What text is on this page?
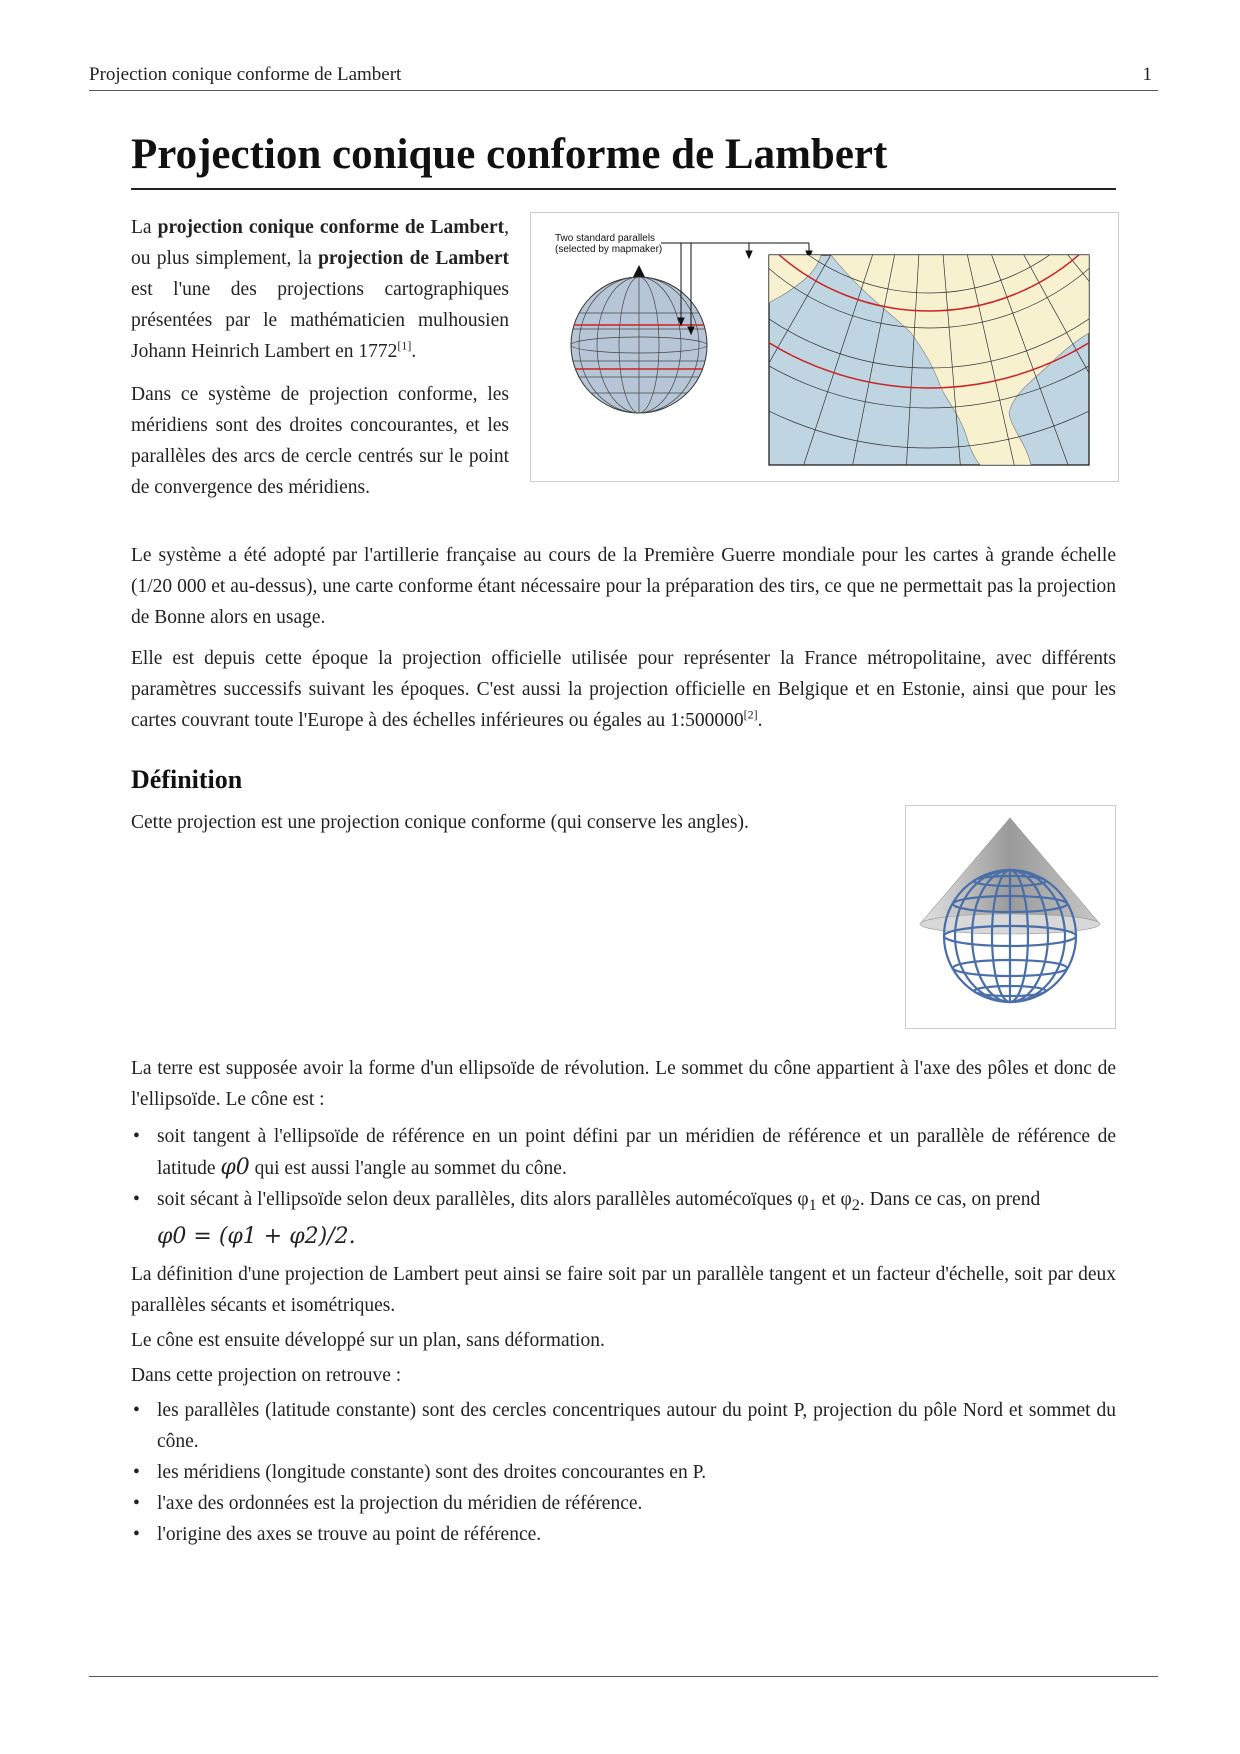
Projection conique conforme de Lambert	1
Projection conique conforme de Lambert

La projection conique conforme de Lambert, ou plus simplement, la projection de Lambert est l'une des projections cartographiques présentées par le mathématicien mulhousien Johann Heinrich Lambert en 1772[1].

Dans ce système de projection conforme, les méridiens sont des droites concourantes, et les parallèles des arcs de cercle centrés sur le point de convergence des méridiens.

Two standard parallels
(selected by mapmaker)

Le système a été adopté par l'artillerie française au cours de la Première Guerre mondiale pour les cartes à grande échelle (1/20 000 et au-dessus), une carte conforme étant nécessaire pour la préparation des tirs, ce que ne permettait pas la projection de Bonne alors en usage.

Elle est depuis cette époque la projection officielle utilisée pour représenter la France métropolitaine, avec différents paramètres successifs suivant les époques. C'est aussi la projection officielle en Belgique et en Estonie, ainsi que pour les cartes couvrant toute l'Europe à des échelles inférieures ou égales au 1:500000[2].

Définition

Cette projection est une projection conique conforme (qui conserve les angles).

La terre est supposée avoir la forme d'un ellipsoïde de révolution. Le sommet du cône appartient à l'axe des pôles et donc de l'ellipsoïde. Le cône est :

• soit tangent à l'ellipsoïde de référence en un point défini par un méridien de référence et un parallèle de référence de latitude φ0 qui est aussi l'angle au sommet du cône.
• soit sécant à l'ellipsoïde selon deux parallèles, dits alors parallèles automécoïques $\varphi_1$ et $\varphi_2$. Dans ce cas, on prend
φ0 = (φ1 + φ2)/2.

La définition d'une projection de Lambert peut ainsi se faire soit par un parallèle tangent et un facteur d'échelle, soit par deux parallèles sécants et isométriques.

Le cône est ensuite développé sur un plan, sans déformation.

Dans cette projection on retrouve :

• les parallèles (latitude constante) sont des cercles concentriques autour du point P, projection du pôle Nord et sommet du cône.
• les méridiens (longitude constante) sont des droites concourantes en P.
• l'axe des ordonnées est la projection du méridien de référence.
• l'origine des axes se trouve au point de référence.
